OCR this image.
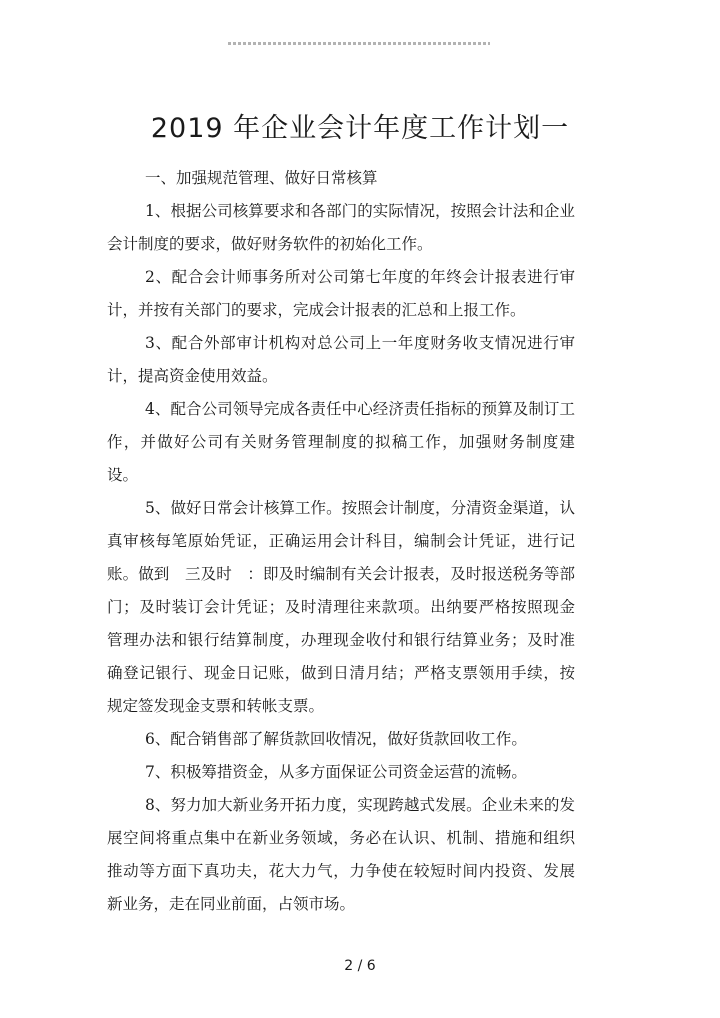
2019 年企业会计年度工作计划一

一、加强规范管理、做好日常核算

1、根据公司核算要求和各部门的实际情况，按照会计法和企业
会计制度的要求，做好财务软件的初始化工作。

2、配合会计师事务所对公司第七年度的年终会计报表进行审
计，并按有关部门的要求，完成会计报表的汇总和上报工作。

3、配合外部审计机构对总公司上一年度财务收支情况进行审
计，提高资金使用效益。

4、配合公司领导完成各责任中心经济责任指标的预算及制订工
作，并做好公司有关财务管理制度的拟稿工作，加强财务制度建
设。

5、做好日常会计核算工作。按照会计制度，分清资金渠道，认
真审核每笔原始凭证，正确运用会计科目，编制会计凭证，进行记
账。做到　三及时　：即及时编制有关会计报表，及时报送税务等部
门；及时装订会计凭证；及时清理往来款项。出纳要严格按照现金
管理办法和银行结算制度，办理现金收付和银行结算业务；及时准
确登记银行、现金日记账，做到日清月结；严格支票领用手续，按
规定签发现金支票和转帐支票。

6、配合销售部了解货款回收情况，做好货款回收工作。

7、积极筹措资金，从多方面保证公司资金运营的流畅。

8、努力加大新业务开拓力度，实现跨越式发展。企业未来的发
展空间将重点集中在新业务领域，务必在认识、机制、措施和组织
推动等方面下真功夫，花大力气，力争使在较短时间内投资、发展
新业务，走在同业前面，占领市场。

2 / 6
